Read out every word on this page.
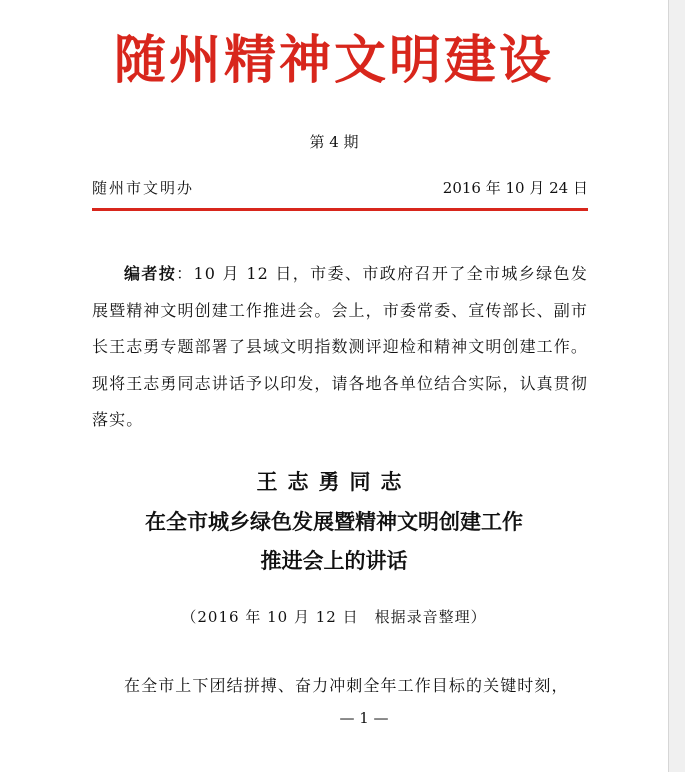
随州精神文明建设
第 4 期
随州市文明办	2016 年 10 月 24 日

编者按：10 月 12 日，市委、市政府召开了全市城乡绿色发展暨精神文明创建工作推进会。会上，市委常委、宣传部长、副市长王志勇专题部署了县域文明指数测评迎检和精神文明创建工作。现将王志勇同志讲话予以印发，请各地各单位结合实际，认真贯彻落实。

王志勇同志
在全市城乡绿色发展暨精神文明创建工作
推进会上的讲话
（2016 年 10 月 12 日　根据录音整理）

在全市上下团结拼搏、奋力冲刺全年工作目标的关键时刻，

— 1 —
